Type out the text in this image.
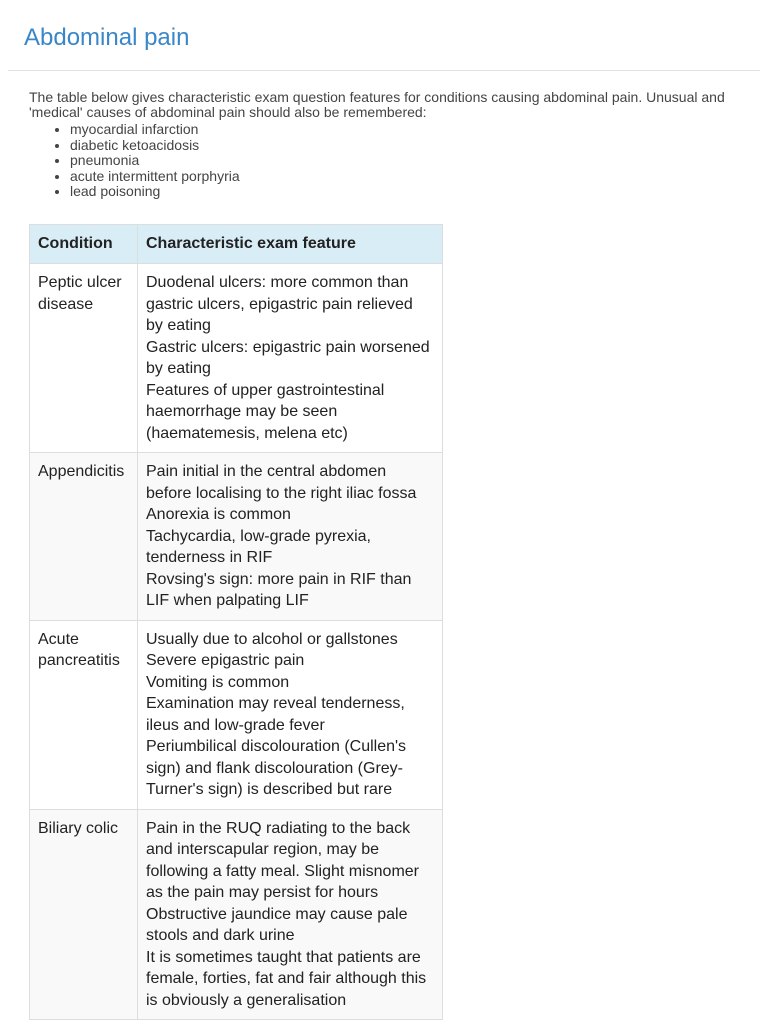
Abdominal pain

The table below gives characteristic exam question features for conditions causing abdominal pain. Unusual and 'medical' causes of abdominal pain should also be remembered:

• myocardial infarction
• diabetic ketoacidosis
• pneumonia
• acute intermittent porphyria
• lead poisoning
Condition	Characteristic exam feature
Peptic ulcer disease	Duodenal ulcers: more common than gastric ulcers, epigastric pain relieved by eating
Gastric ulcers: epigastric pain worsened by eating
Features of upper gastrointestinal haemorrhage may be seen (haematemesis, melena etc)

Appendicitis	Pain initial in the central abdomen before localising to the right iliac fossa
Anorexia is common
Tachycardia, low-grade pyrexia, tenderness in RIF
Rovsing's sign: more pain in RIF than LIF when palpating LIF

Acute pancreatitis	Usually due to alcohol or gallstones
Severe epigastric pain
Vomiting is common
Examination may reveal tenderness, ileus and low-grade fever
Periumbilical discolouration (Cullen's sign) and flank discolouration (Grey-Turner's sign) is described but rare

Biliary colic	Pain in the RUQ radiating to the back and interscapular region, may be following a fatty meal. Slight misnomer as the pain may persist for hours
Obstructive jaundice may cause pale stools and dark urine
It is sometimes taught that patients are female, forties, fat and fair although this is obviously a generalisation
